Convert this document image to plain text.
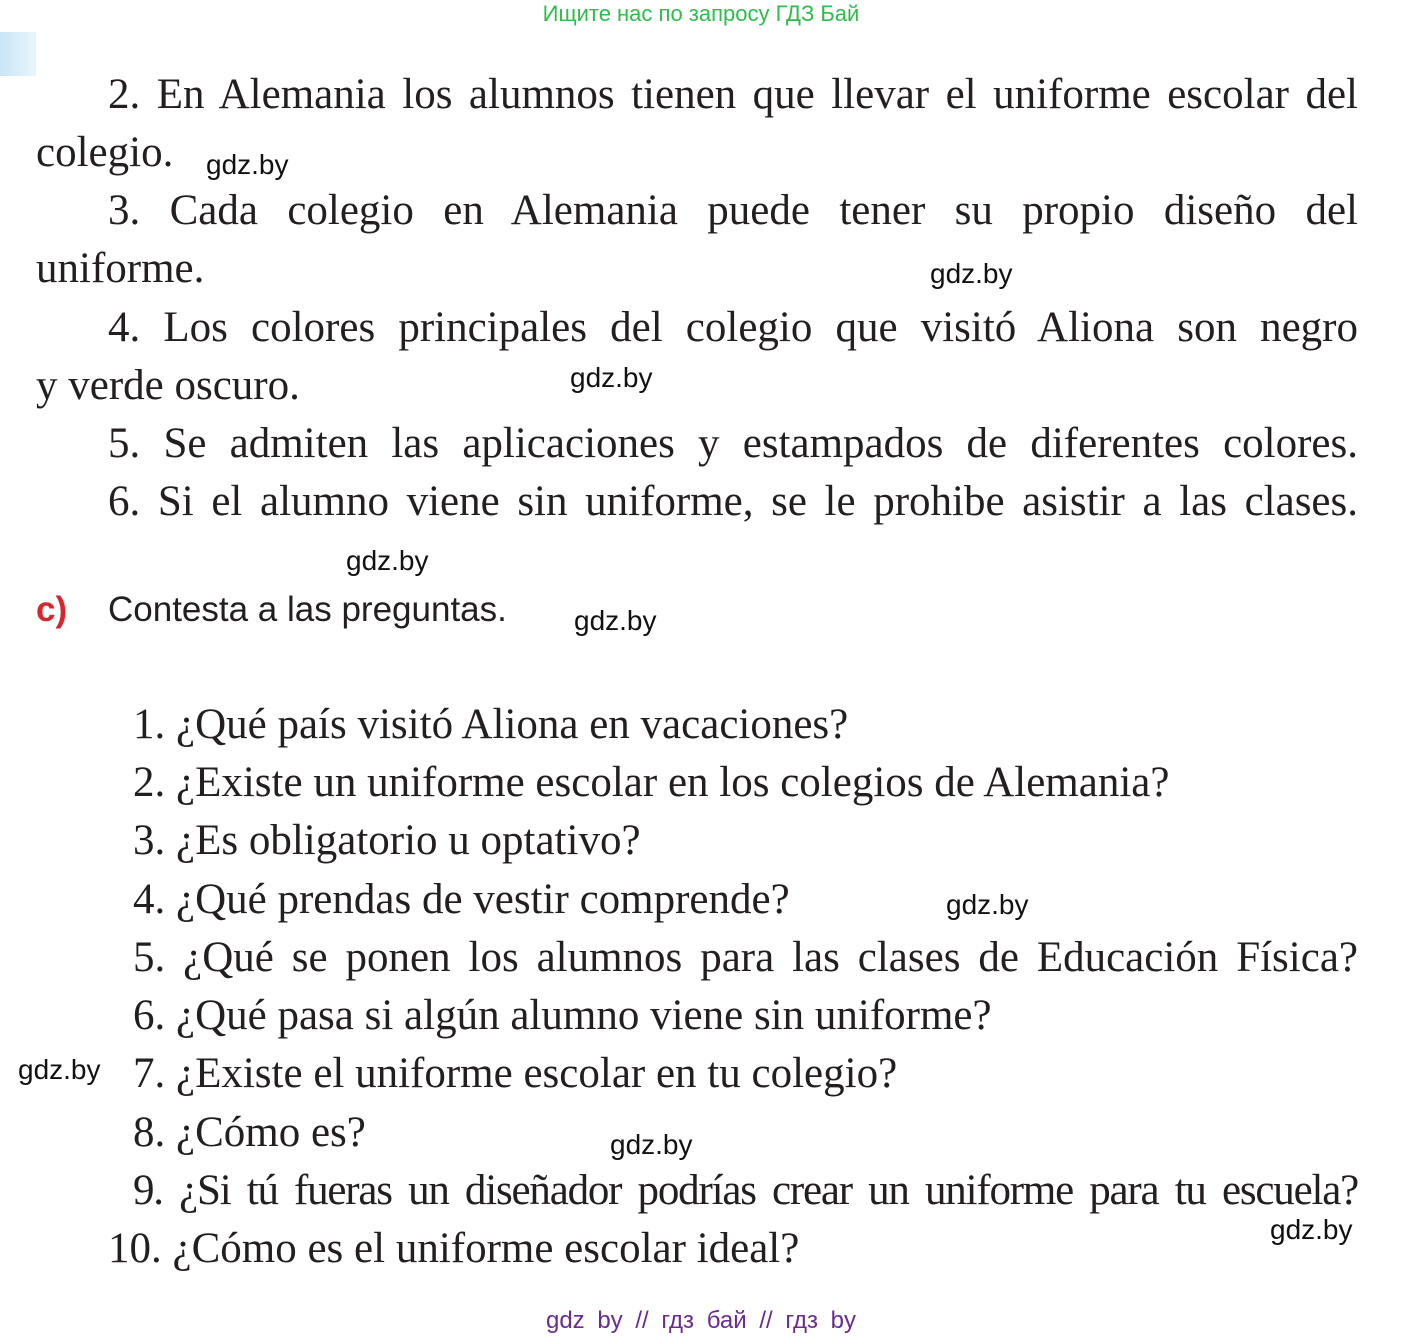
Ищите нас по запросу ГДЗ Бай
2. En Alemania los alumnos tienen que llevar el uniforme escolar del
colegio.
3. Cada colegio en Alemania puede tener su propio diseño del
uniforme.
4. Los colores principales del colegio que visitó Aliona son negro
y verde oscuro.
5. Se admiten las aplicaciones y estampados de diferentes colores.
6. Si el alumno viene sin uniforme, se le prohibe asistir a las clases.
c) Contesta a las preguntas.
1. ¿Qué país visitó Aliona en vacaciones?
2. ¿Existe un uniforme escolar en los colegios de Alemania?
3. ¿Es obligatorio u optativo?
4. ¿Qué prendas de vestir comprende?
5. ¿Qué se ponen los alumnos para las clases de Educación Física?
6. ¿Qué pasa si algún alumno viene sin uniforme?
7. ¿Existe el uniforme escolar en tu colegio?
8. ¿Cómo es?
9. ¿Si tú fueras un diseñador podrías crear un uniforme para tu escuela?
10. ¿Cómo es el uniforme escolar ideal?
gdz.by
gdz.by
gdz.by
gdz.by
gdz.by
gdz.by
gdz.by
gdz.by
gdz.by
gdz by // гдз бай // гдз by
